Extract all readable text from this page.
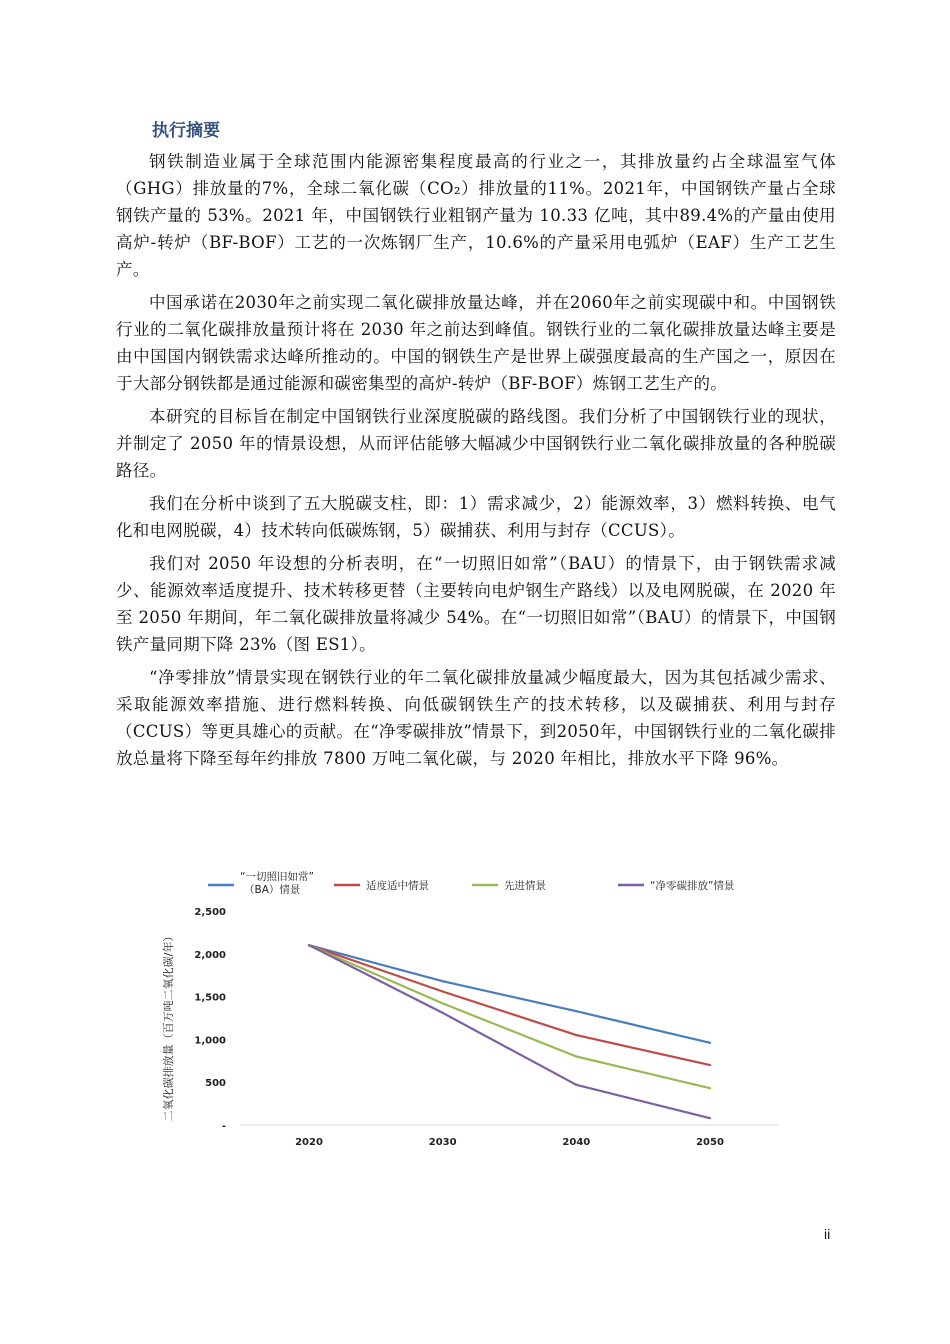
执行摘要

钢铁制造业属于全球范围内能源密集程度最高的行业之一，其排放量约占全球温室气体（GHG）排放量的7%，全球二氧化碳（CO₂）排放量的11%。2021年，中国钢铁产量占全球钢铁产量的 53%。2021 年，中国钢铁行业粗钢产量为 10.33 亿吨，其中89.4%的产量由使用高炉-转炉（BF-BOF）工艺的一次炼钢厂生产，10.6%的产量采用电弧炉（EAF）生产工艺生产。

中国承诺在2030年之前实现二氧化碳排放量达峰，并在2060年之前实现碳中和。中国钢铁行业的二氧化碳排放量预计将在 2030 年之前达到峰值。钢铁行业的二氧化碳排放量达峰主要是由中国国内钢铁需求达峰所推动的。中国的钢铁生产是世界上碳强度最高的生产国之一，原因在于大部分钢铁都是通过能源和碳密集型的高炉-转炉（BF-BOF）炼钢工艺生产的。

本研究的目标旨在制定中国钢铁行业深度脱碳的路线图。我们分析了中国钢铁行业的现状，并制定了 2050 年的情景设想，从而评估能够大幅减少中国钢铁行业二氧化碳排放量的各种脱碳路径。

我们在分析中谈到了五大脱碳支柱，即：1）需求减少，2）能源效率，3）燃料转换、电气化和电网脱碳，4）技术转向低碳炼钢，5）碳捕获、利用与封存（CCUS）。

我们对 2050 年设想的分析表明，在“一切照旧如常”（BAU）的情景下，由于钢铁需求减少、能源效率适度提升、技术转移更替（主要转向电炉钢生产路线）以及电网脱碳，在 2020 年至 2050 年期间，年二氧化碳排放量将减少 54%。在“一切照旧如常”（BAU）的情景下，中国钢铁产量同期下降 23%（图 ES1）。

“净零排放”情景实现在钢铁行业的年二氧化碳排放量减少幅度最大，因为其包括减少需求、采取能源效率措施、进行燃料转换、向低碳钢铁生产的技术转移，以及碳捕获、利用与封存（CCUS）等更具雄心的贡献。在“净零碳排放”情景下，到2050年，中国钢铁行业的二氧化碳排放总量将下降至每年约排放 7800 万吨二氧化碳，与 2020 年相比，排放水平下降 96%。

-
500
1,000
1,500
2,000
2,500
二氧化碳排放量（百万吨二氧化碳/年）
2020	2030	2040	2050
“一切照旧如常”
（BA）情景	适度适中情景	先进情景	“净零碳排放”情景
ii
